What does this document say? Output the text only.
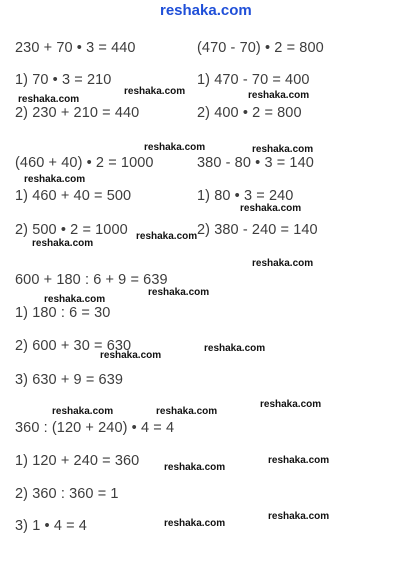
reshaka.com
230 + 70 • 3 = 440
1) 70 • 3 = 210
2) 230 + 210 = 440
(470 - 70) • 2 = 800
1) 470 - 70 = 400
2) 400 • 2 = 800
(460 + 40) • 2 = 1000
1) 460 + 40 = 500
2) 500 • 2 = 1000
380 - 80 • 3 = 140
1) 80 • 3 = 240
2) 380 - 240 = 140
600 + 180 : 6 + 9 = 639
1) 180 : 6 = 30
2) 600 + 30 = 630
3) 630 + 9 = 639
360 : (120 + 240) • 4 = 4
1) 120 + 240 = 360
2) 360 : 360 = 1
3) 1 • 4 = 4
reshaka.com
reshaka.com	reshaka.com
reshaka.com	reshaka.com
reshaka.com
reshaka.com
reshaka.com
reshaka.com
reshaka.com
reshaka.com
reshaka.com
reshaka.com
reshaka.com
reshaka.com	reshaka.com
reshaka.com
reshaka.com
reshaka.com
reshaka.com
reshaka.com
